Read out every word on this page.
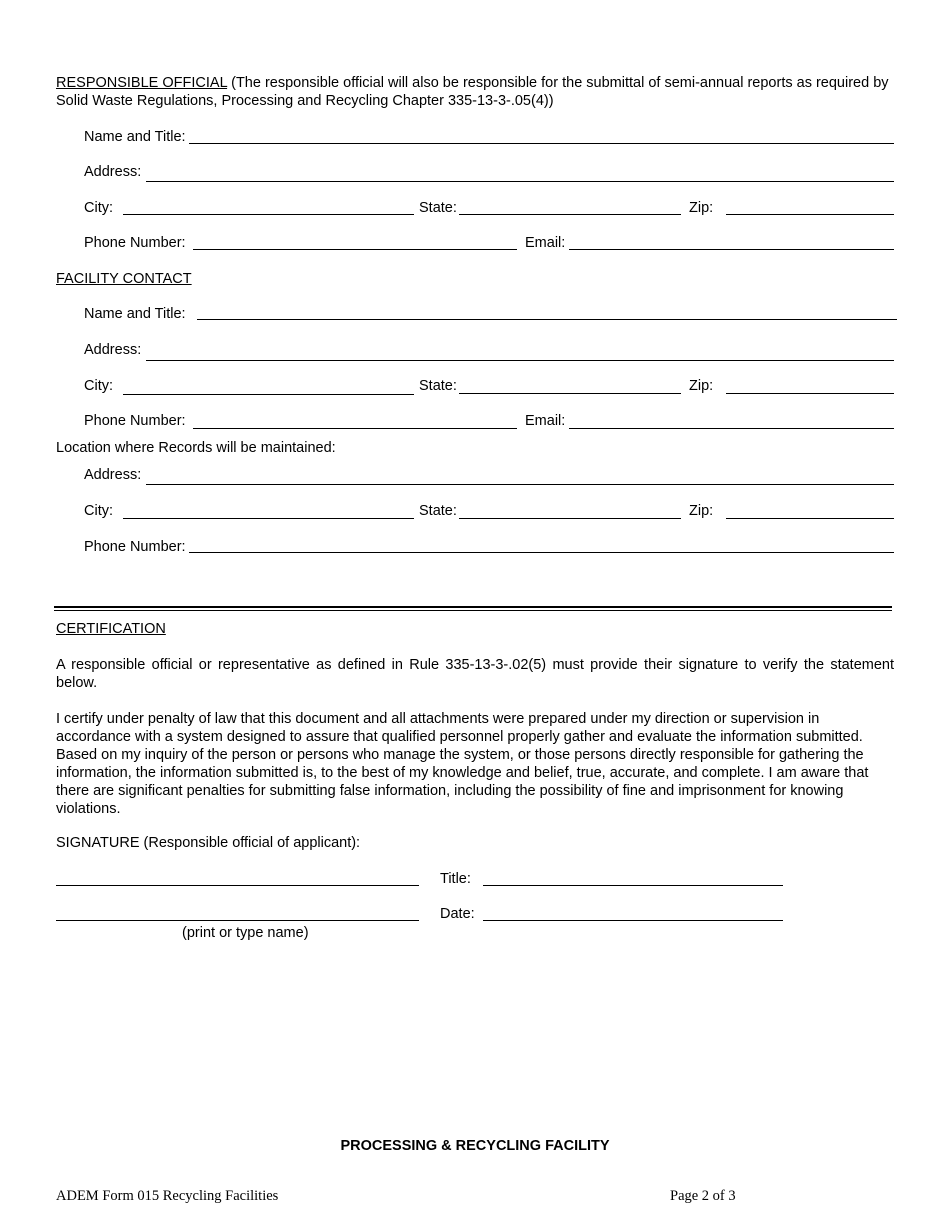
RESPONSIBLE OFFICIAL (The responsible official will also be responsible for the submittal of semi-annual reports as required by Solid Waste Regulations, Processing and Recycling Chapter 335-13-3-.05(4))
Name and Title:
Address:
City:	State:	Zip:
Phone Number:	Email:
FACILITY CONTACT
Name and Title:
Address:
City:	State:	Zip:
Phone Number:	Email:
Location where Records will be maintained:
Address:
City:	State:	Zip:
Phone Number:
CERTIFICATION
A responsible official or representative as defined in Rule 335-13-3-.02(5) must provide their signature to verify the statement below.
I certify under penalty of law that this document and all attachments were prepared under my direction or supervision in accordance with a system designed to assure that qualified personnel properly gather and evaluate the information submitted. Based on my inquiry of the person or persons who manage the system, or those persons directly responsible for gathering the information, the information submitted is, to the best of my knowledge and belief, true, accurate, and complete. I am aware that there are significant penalties for submitting false information, including the possibility of fine and imprisonment for knowing violations.
SIGNATURE (Responsible official of applicant):
Title:
Date:
(print or type name)
PROCESSING & RECYCLING FACILITY
ADEM Form 015 Recycling Facilities	Page 2 of 3
